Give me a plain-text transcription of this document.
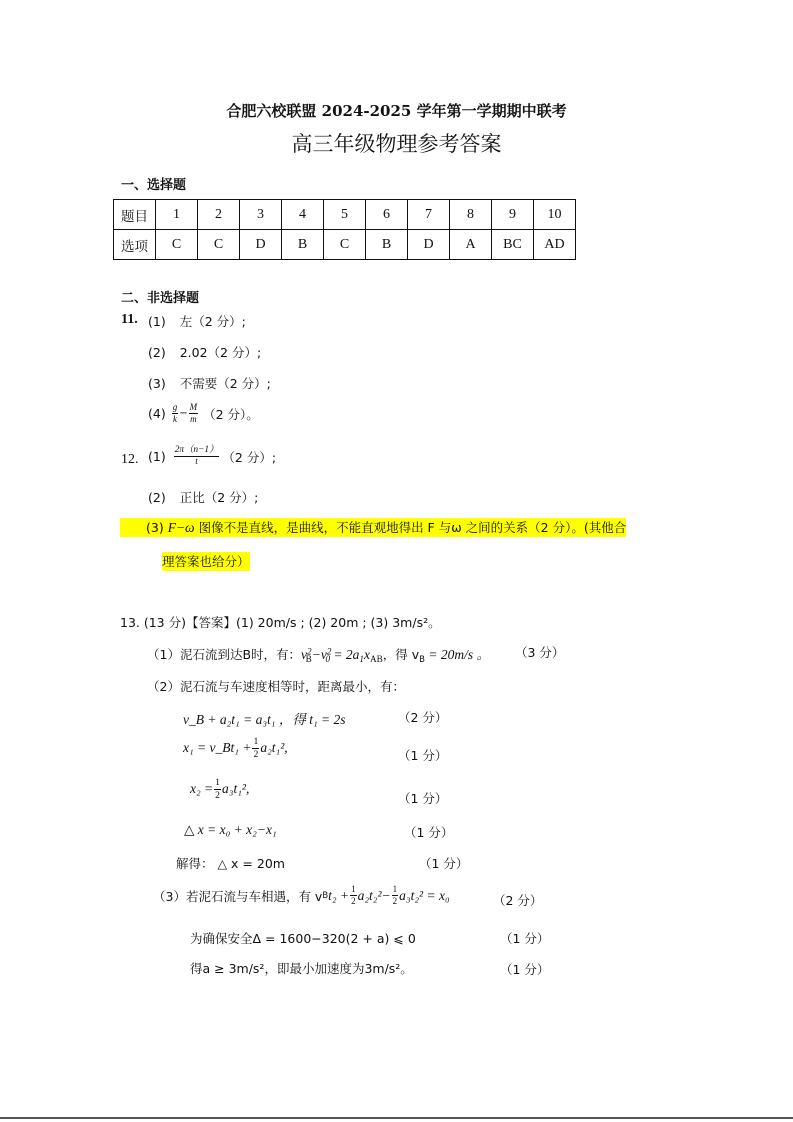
合肥六校联盟 2024-2025 学年第一学期期中联考
高三年级物理参考答案
一、选择题
题目	1	2	3	4	5	6	7	8	9	10
选项	C	C	D	B	C	B	D	A	BC	AD
二、非选择题
11. (1) 左（2 分）;
(2) 2.02（2 分）;
(3) 不需要（2 分）;
$(4) \frac{g}{k} - \frac{M}{m} (2$ 分）。
12. $(1) \frac{2\pi(n-1)}{t} (2$ 分）;
(2) 正比（2 分）;
(3) F−ω 图像不是直线，是曲线，不能直观地得出 F 与ω 之间的关系（2 分）。(其他合
理答案也给分）
13. (13 分)【答案】(1) 20m/s ; (2) 20m ; (3) 3m/s²。
（1）泥石流到达B时，有：$v^2_B-v^2_0 = 2a_1x_{AB}$，得 $v_B = 20m/s$ 。 （3 分）
（2）泥石流与车速度相等时，距离最小，有：
v_B + a₂t₁ = a₃t₁ ，得 t₁ = 2s	（2 分）
x₁ = v_Bt₁ + $\frac{1}{2} a_2t_1^2$,
（1 分）
$x_2 = \frac{1}{2} a_3t_1^2$,
（1 分）
△ x = x₀ + x₂−x₁	（1 分）
解得： △ x = 20m	（1 分）
（3）若泥石流与车相遇，有 v B $t_2 + \frac{1}{2} a_2t_2^2- \frac{1}{2} a_3t_2^2 = x_0$	（2 分）
为确保安全Δ = 1600−320(2 + a) ⩽ 0	（1 分）
得a ≥ 3m/s²，即最小加速度为3m/s²。	（1 分）
